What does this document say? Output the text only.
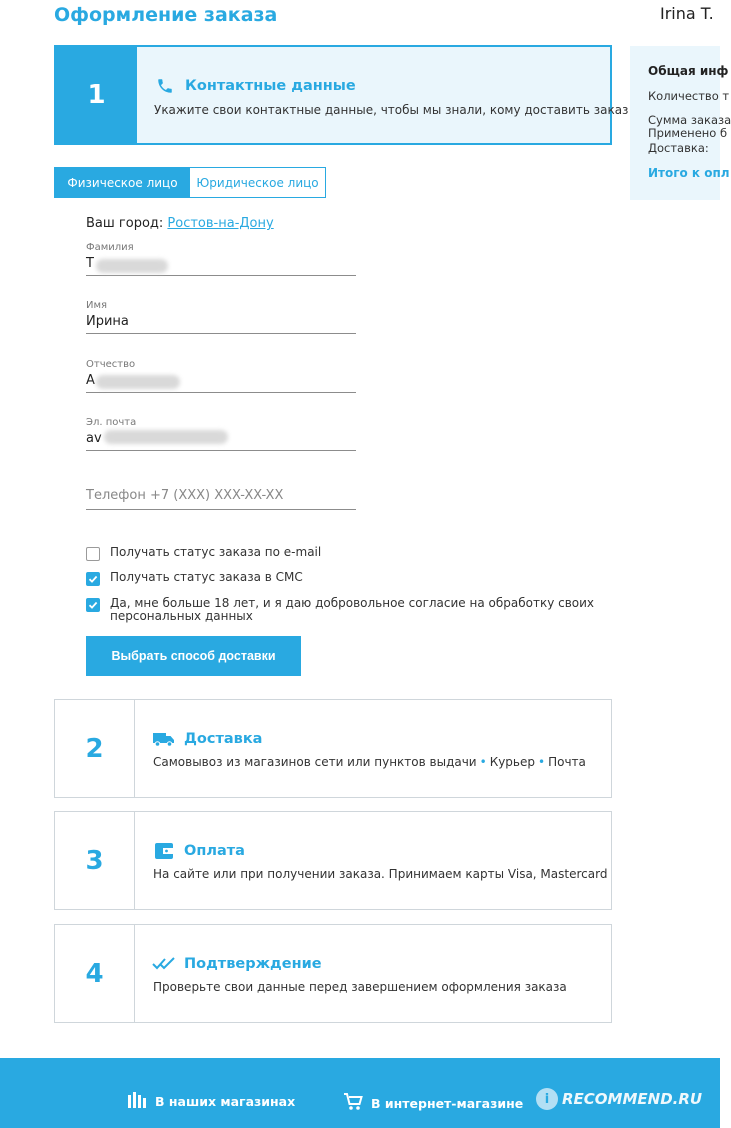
Оформление заказа	Irina T.
Общая инф
Количество т
Сумма заказа
Применено б
Доставка:
Итого к опл
1	Контактные данные
Укажите свои контактные данные, чтобы мы знали, кому доставить заказ
Физическое лицо	Юридическое лицо
Ваш город: Ростов-на-Дону
Фамилия
Т
Имя
Ирина
Отчество
А
Эл. почта
av
Телефон +7 (XXX) XXX-XX-XX
Получать статус заказа по e-mail
Получать статус заказа в СМС
Да, мне больше 18 лет, и я даю добровольное согласие на обработку своих персональных данных
Выбрать способ доставки
2	Доставка
Самовывоз из магазинов сети или пунктов выдачи • Курьер • Почта
3	Оплата
На сайте или при получении заказа. Принимаем карты Visa, Mastercard
4	Подтверждение
Проверьте свои данные перед завершением оформления заказа
В наших магазинах	В интернет-магазине	i RECOMMEND.RU
